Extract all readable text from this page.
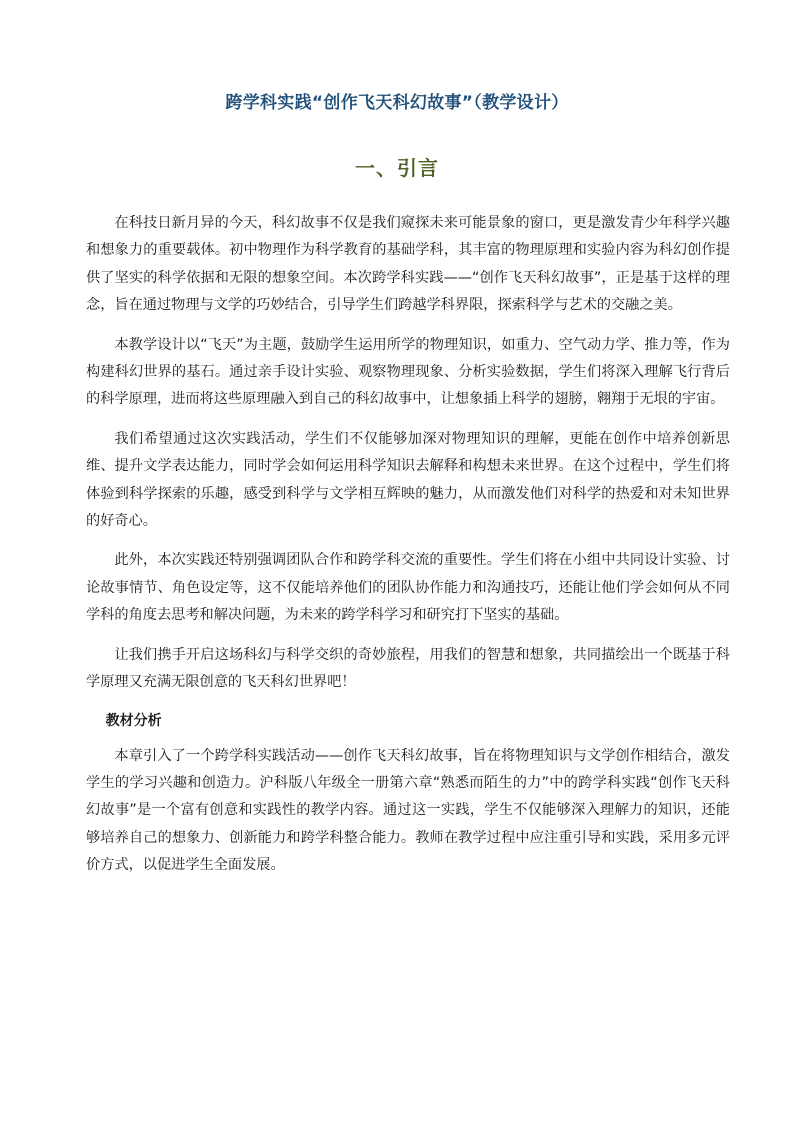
跨学科实践“创作飞天科幻故事”（教学设计）
一、引言

在科技日新月异的今天，科幻故事不仅是我们窥探未来可能景象的窗口，更是激发青少年科学兴趣和想象力的重要载体。初中物理作为科学教育的基础学科，其丰富的物理原理和实验内容为科幻创作提供了坚实的科学依据和无限的想象空间。本次跨学科实践——“创作飞天科幻故事”，正是基于这样的理念，旨在通过物理与文学的巧妙结合，引导学生们跨越学科界限，探索科学与艺术的交融之美。

本教学设计以“飞天”为主题，鼓励学生运用所学的物理知识，如重力、空气动力学、推力等，作为构建科幻世界的基石。通过亲手设计实验、观察物理现象、分析实验数据，学生们将深入理解飞行背后的科学原理，进而将这些原理融入到自己的科幻故事中，让想象插上科学的翅膀，翱翔于无垠的宇宙。

我们希望通过这次实践活动，学生们不仅能够加深对物理知识的理解，更能在创作中培养创新思维、提升文学表达能力，同时学会如何运用科学知识去解释和构想未来世界。在这个过程中，学生们将体验到科学探索的乐趣，感受到科学与文学相互辉映的魅力，从而激发他们对科学的热爱和对未知世界的好奇心。

此外，本次实践还特别强调团队合作和跨学科交流的重要性。学生们将在小组中共同设计实验、讨论故事情节、角色设定等，这不仅能培养他们的团队协作能力和沟通技巧，还能让他们学会如何从不同学科的角度去思考和解决问题，为未来的跨学科学习和研究打下坚实的基础。

让我们携手开启这场科幻与科学交织的奇妙旅程，用我们的智慧和想象，共同描绘出一个既基于科学原理又充满无限创意的飞天科幻世界吧！

教材分析

本章引入了一个跨学科实践活动——创作飞天科幻故事，旨在将物理知识与文学创作相结合，激发学生的学习兴趣和创造力。沪科版八年级全一册第六章“熟悉而陌生的力”中的跨学科实践“创作飞天科幻故事”是一个富有创意和实践性的教学内容。通过这一实践，学生不仅能够深入理解力的知识，还能够培养自己的想象力、创新能力和跨学科整合能力。教师在教学过程中应注重引导和实践，采用多元评价方式，以促进学生全面发展。
